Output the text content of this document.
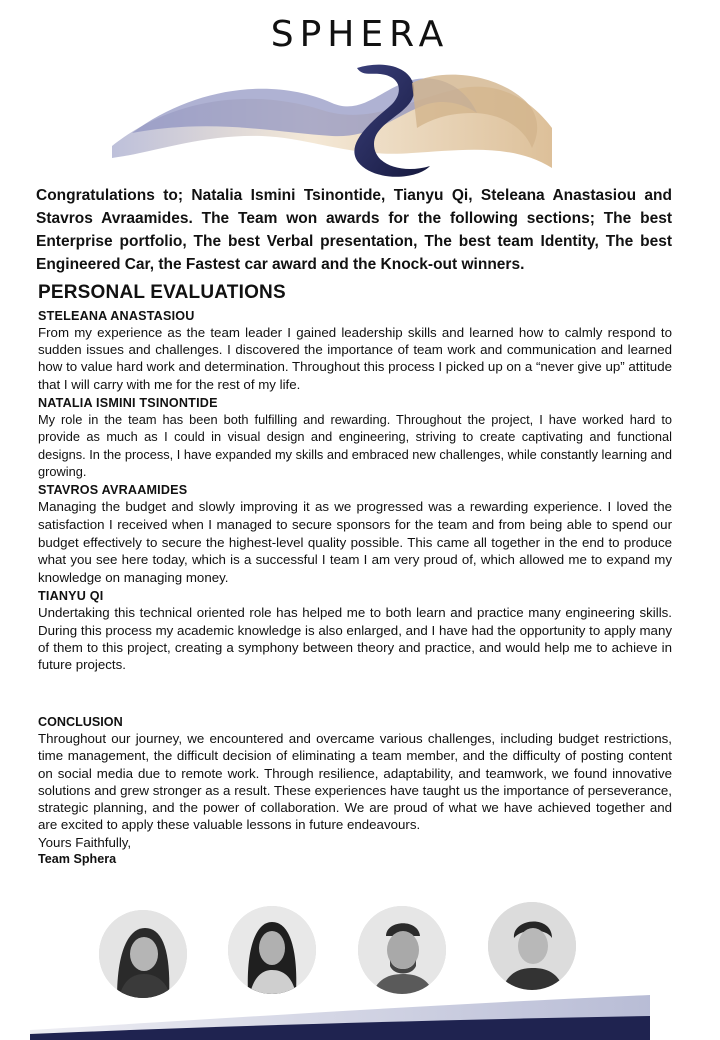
SPHERA
Congratulations to; Natalia Ismini Tsinontide, Tianyu Qi, Steleana Anastasiou and Stavros Avraamides. The Team won awards for the following sections; The best Enterprise portfolio, The best Verbal presentation, The best team Identity, The best Engineered Car, the Fastest car award and the Knock-out winners.
PERSONAL EVALUATIONS
STELEANA ANASTASIOU

From my experience as the team leader I gained leadership skills and learned how to calmly respond to sudden issues and challenges. I discovered the importance of team work and communication and learned how to value hard work and determination. Throughout this process I picked up on a “never give up” attitude that I will carry with me for the rest of my life.

NATALIA ISMINI TSINONTIDE

My role in the team has been both fulfilling and rewarding. Throughout the project, I have worked hard to provide as much as I could in visual design and engineering, striving to create captivating and functional designs. In the process, I have expanded my skills and embraced new challenges, while constantly learning and growing.

STAVROS AVRAAMIDES

Managing the budget and slowly improving it as we progressed was a rewarding experience. I loved the satisfaction I received when I managed to secure sponsors for the team and from being able to spend our budget effectively to secure the highest-level quality possible. This came all together in the end to produce what you see here today, which is a successful I team I am very proud of, which allowed me to expand my knowledge on managing money.

TIANYU QI

Undertaking this technical oriented role has helped me to both learn and practice many engineering skills. During this process my academic knowledge is also enlarged, and I have had the opportunity to apply many of them to this project, creating a symphony between theory and practice, and would help me to achieve in future projects.

CONCLUSION

Throughout our journey, we encountered and overcame various challenges, including budget restrictions, time management, the difficult decision of eliminating a team member, and the difficulty of posting content on social media due to remote work. Through resilience, adaptability, and teamwork, we found innovative solutions and grew stronger as a result. These experiences have taught us the importance of perseverance, strategic planning, and the power of collaboration. We are proud of what we have achieved together and are excited to apply these valuable lessons in future endeavours.

Yours Faithfully,
Team Sphera
